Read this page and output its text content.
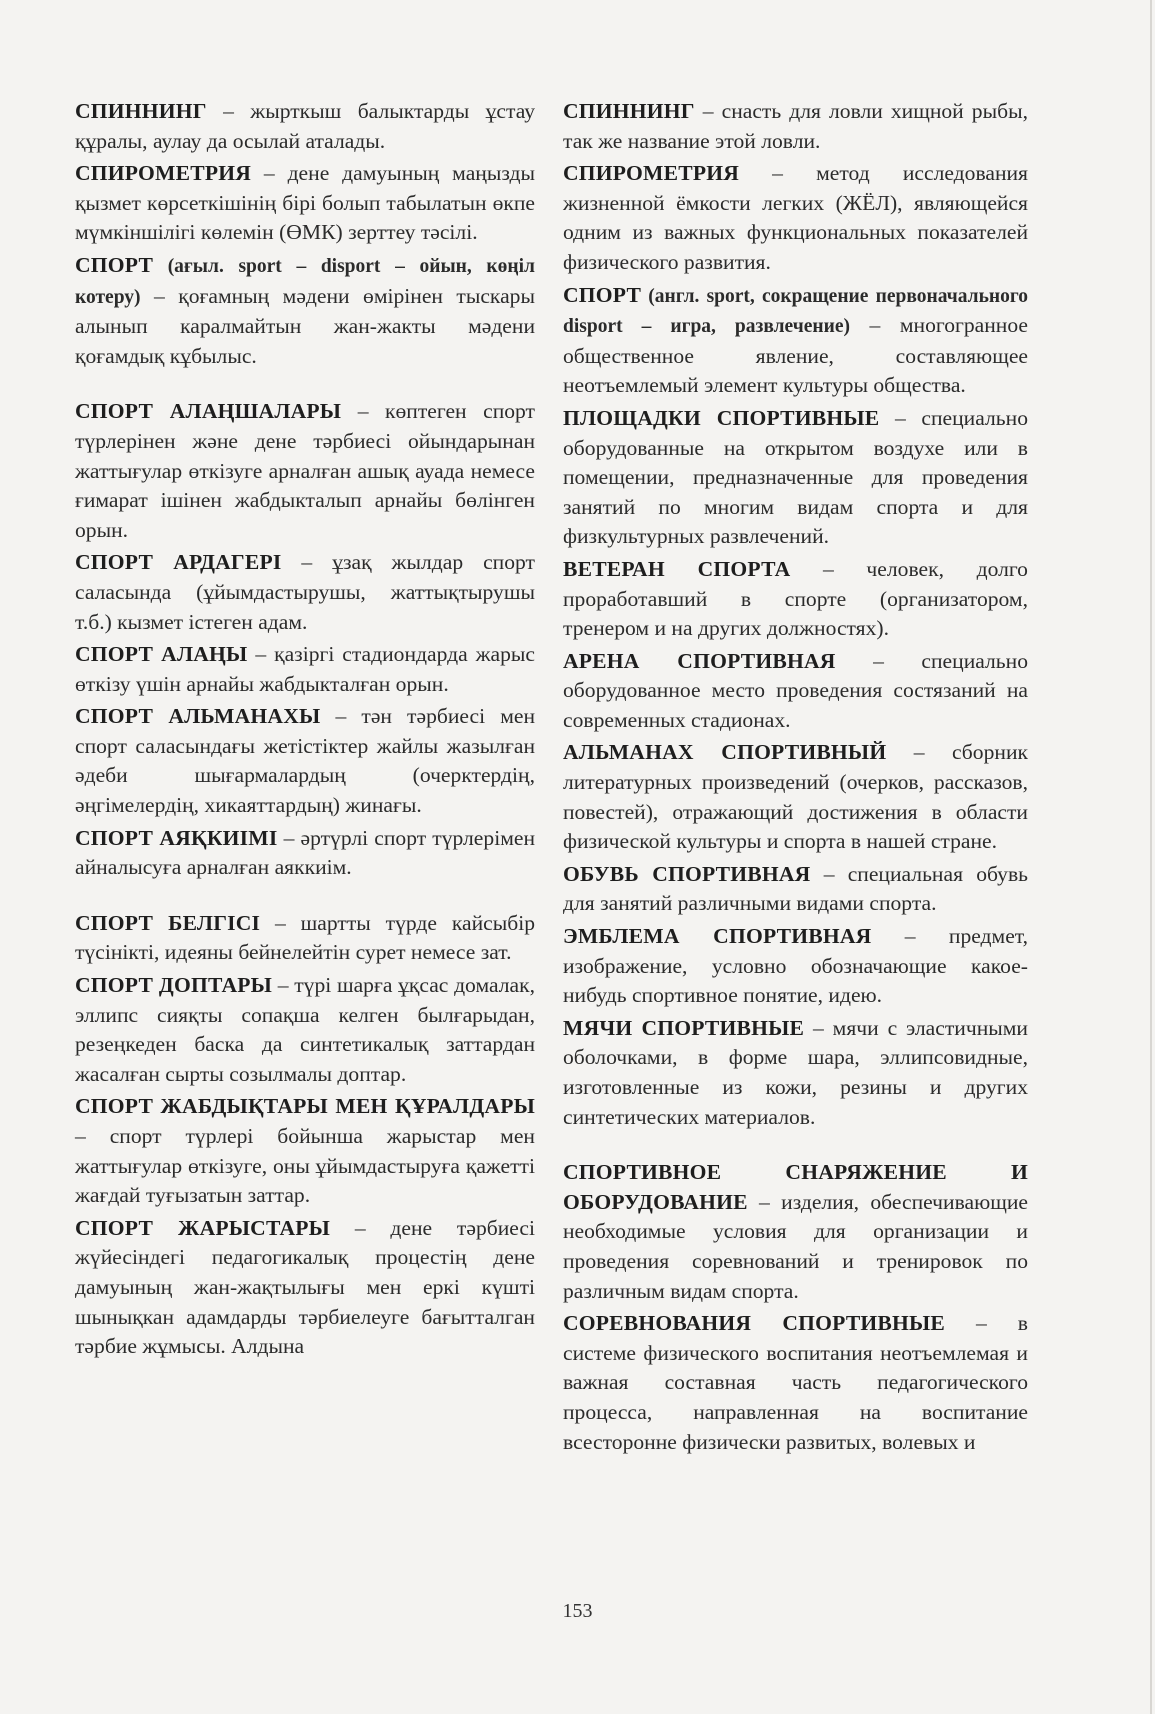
СПИННИНГ – жырткыш балыктарды ұстау құралы, аулау да осылай аталады.

СПИРОМЕТРИЯ – дене дамуының маңызды қызмет көрсеткішінің бірі болып табылатын өкпе мүмкіншілігі көлемін (ӨМК) зерттеу тәсілі.

СПОРТ (ағыл. sport – disport – ойын, көңіл котеру) – қоғамның мәдени өмірінен тыскары алынып каралмайтын жан-жакты мәдени қоғамдық кұбылыс.

СПОРТ АЛАҢШАЛАРЫ – көптеген спорт түрлерінен және дене тәрбиесі ойындарынан жаттығулар өткізуге арналған ашық ауада немесе ғимарат ішінен жабдыкталып арнайы бөлінген орын.

СПОРТ АРДАГЕРІ – ұзақ жылдар спорт саласында (ұйымдастырушы, жаттықтырушы т.б.) кызмет істеген адам.

СПОРТ АЛАҢЫ – қазіргі стадиондарда жарыс өткізу үшін арнайы жабдыкталған орын.

СПОРТ АЛЬМАНАХЫ – тән тәрбиесі мен спорт саласындағы жетістіктер жайлы жазылған әдеби шығармалардың (очерктердің, әңгімелердің, хикаяттардың) жинағы.

СПОРТ АЯҚКИІМІ – әртүрлі спорт түрлерімен айналысуға арналған аяккиім.

СПОРТ БЕЛГІСІ – шартты түрде кайсыбір түсінікті, идеяны бейнелейтін сурет немесе зат.

СПОРТ ДОПТАРЫ – түрі шарға ұқсас домалак, эллипс сияқты сопақша келген былғарыдан, резеңкеден баска да синтетикалық заттардан жасалған сырты созылмалы доптар.

СПОРТ ЖАБДЫҚТАРЫ МЕН ҚҰРАЛДАРЫ – спорт түрлері бойынша жарыстар мен жаттығулар өткізуге, оны ұйымдастыруға қажетті жағдай туғызатын заттар.

СПОРТ ЖАРЫСТАРЫ – дене тәрбиесі жүйесіндегі педагогикалық процестің дене дамуының жан-жақтылығы мен еркі күшті шынықкан адамдарды тәрбиелеуге бағытталган тәрбие жұмысы. Алдына

СПИННИНГ – снасть для ловли хищной рыбы, так же название этой ловли.

СПИРОМЕТРИЯ – метод исследования жизненной ёмкости легких (ЖЁЛ), являющейся одним из важных функциональных показателей физического развития.

СПОРТ (англ. sport, сокращение первоначального disport – игра, развлечение) – многогранное общественное явление, составляющее неотъемлемый элемент культуры общества.

ПЛОЩАДКИ СПОРТИВНЫЕ – специально оборудованные на открытом воздухе или в помещении, предназначенные для проведения занятий по многим видам спорта и для физкультурных развлечений.

ВЕТЕРАН СПОРТА – человек, долго проработавший в спорте (организатором, тренером и на других должностях).

АРЕНА СПОРТИВНАЯ – специально оборудованное место проведения состязаний на современных стадионах.

АЛЬМАНАХ СПОРТИВНЫЙ – сборник литературных произведений (очерков, рассказов, повестей), отражающий достижения в области физической культуры и спорта в нашей стране.

ОБУВЬ СПОРТИВНАЯ – специальная обувь для занятий различными видами спорта.

ЭМБЛЕМА СПОРТИВНАЯ – предмет, изображение, условно обозначающие какое-нибудь спортивное понятие, идею.

МЯЧИ СПОРТИВНЫЕ – мячи с эластичными оболочками, в форме шара, эллипсовидные, изготовленные из кожи, резины и других синтетических материалов.

СПОРТИВНОЕ СНАРЯЖЕНИЕ И ОБОРУДОВАНИЕ – изделия, обеспечивающие необходимые условия для организации и проведения соревнований и тренировок по различным видам спорта.

СОРЕВНОВАНИЯ СПОРТИВНЫЕ – в системе физического воспитания неотъемлемая и важная составная часть педагогического процесса, направленная на воспитание всесторонне физически развитых, волевых и

153
